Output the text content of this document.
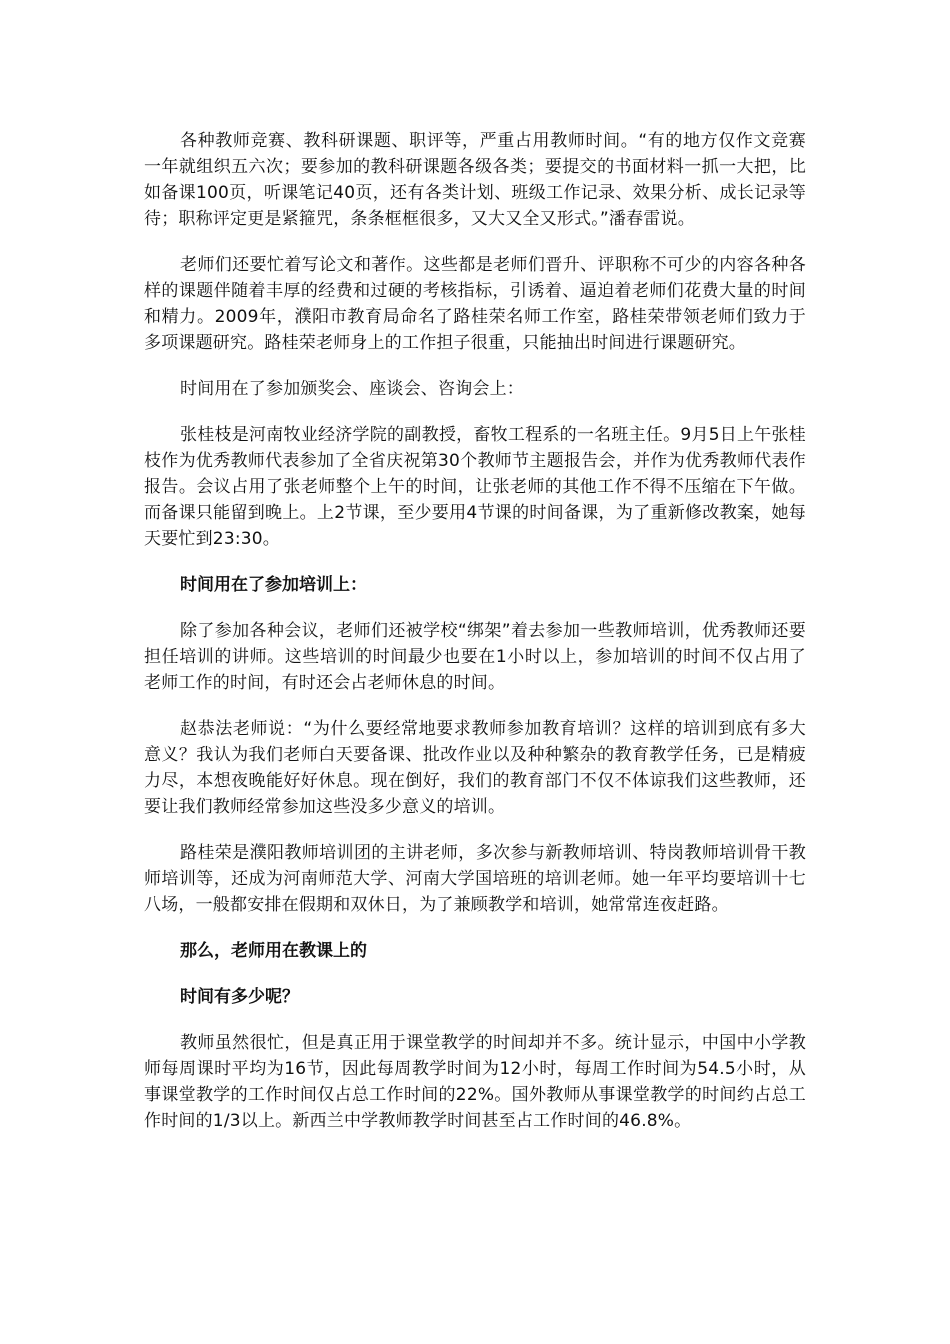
各种教师竞赛、教科研课题、职评等，严重占用教师时间。“有的地方仅作文竞赛一年就组织五六次；要参加的教科研课题各级各类；要提交的书面材料一抓一大把，比如备课100页，听课笔记40页，还有各类计划、班级工作记录、效果分析、成长记录等待；职称评定更是紧箍咒，条条框框很多，又大又全又形式。”潘春雷说。

老师们还要忙着写论文和著作。这些都是老师们晋升、评职称不可少的内容各种各样的课题伴随着丰厚的经费和过硬的考核指标，引诱着、逼迫着老师们花费大量的时间和精力。2009年，濮阳市教育局命名了路桂荣名师工作室，路桂荣带领老师们致力于多项课题研究。路桂荣老师身上的工作担子很重，只能抽出时间进行课题研究。

时间用在了参加颁奖会、座谈会、咨询会上：

张桂枝是河南牧业经济学院的副教授，畜牧工程系的一名班主任。9月5日上午张桂枝作为优秀教师代表参加了全省庆祝第30个教师节主题报告会，并作为优秀教师代表作报告。会议占用了张老师整个上午的时间，让张老师的其他工作不得不压缩在下午做。而备课只能留到晚上。上2节课，至少要用4节课的时间备课，为了重新修改教案，她每天要忙到23:30。

时间用在了参加培训上：

除了参加各种会议，老师们还被学校“绑架”着去参加一些教师培训，优秀教师还要担任培训的讲师。这些培训的时间最少也要在1小时以上，参加培训的时间不仅占用了老师工作的时间，有时还会占老师休息的时间。

赵恭法老师说：“为什么要经常地要求教师参加教育培训？这样的培训到底有多大意义？我认为我们老师白天要备课、批改作业以及种种繁杂的教育教学任务，已是精疲力尽，本想夜晚能好好休息。现在倒好，我们的教育部门不仅不体谅我们这些教师，还要让我们教师经常参加这些没多少意义的培训。

路桂荣是濮阳教师培训团的主讲老师，多次参与新教师培训、特岗教师培训骨干教师培训等，还成为河南师范大学、河南大学国培班的培训老师。她一年平均要培训十七八场，一般都安排在假期和双休日，为了兼顾教学和培训，她常常连夜赶路。

那么，老师用在教课上的

时间有多少呢？

教师虽然很忙，但是真正用于课堂教学的时间却并不多。统计显示，中国中小学教师每周课时平均为16节，因此每周教学时间为12小时，每周工作时间为54.5小时，从事课堂教学的工作时间仅占总工作时间的22%。国外教师从事课堂教学的时间约占总工作时间的1/3以上。新西兰中学教师教学时间甚至占工作时间的46.8%。
